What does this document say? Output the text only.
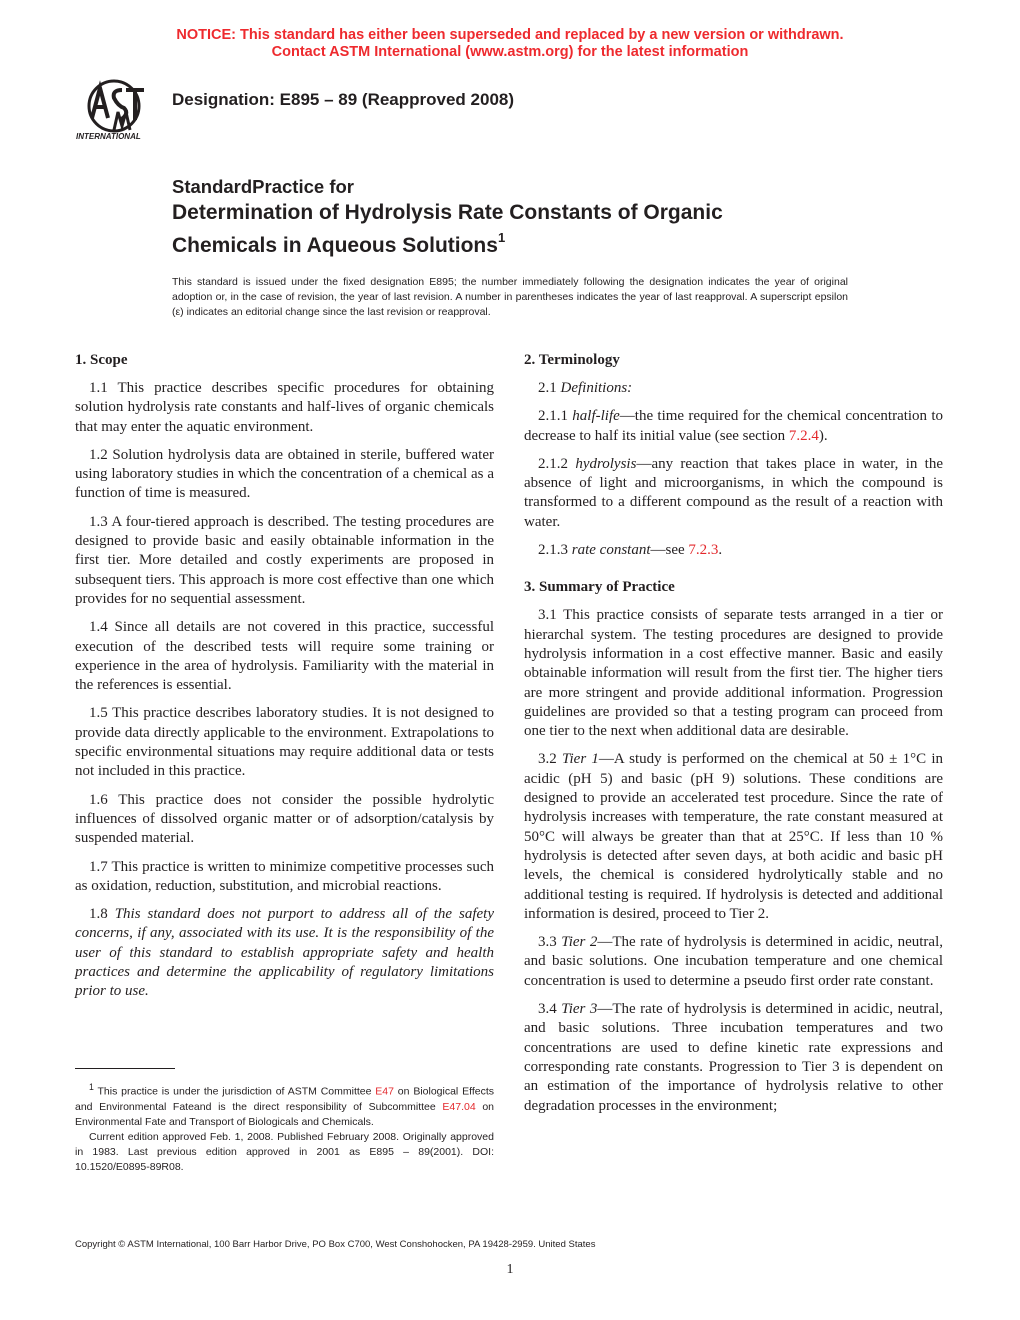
NOTICE: This standard has either been superseded and replaced by a new version or withdrawn.
Contact ASTM International (www.astm.org) for the latest information
INTERNATIONAL
Designation: E895 – 89 (Reapproved 2008)
StandardPractice for
Determination of Hydrolysis Rate Constants of Organic
Chemicals in Aqueous Solutions$^1$
This standard is issued under the fixed designation E895; the number immediately following the designation indicates the year of original adoption or, in the case of revision, the year of last revision. A number in parentheses indicates the year of last reapproval. A superscript epsilon (ε) indicates an editorial change since the last revision or reapproval.
1. Scope

1.1 This practice describes specific procedures for obtaining solution hydrolysis rate constants and half-lives of organic chemicals that may enter the aquatic environment.

1.2 Solution hydrolysis data are obtained in sterile, buffered water using laboratory studies in which the concentration of a chemical as a function of time is measured.

1.3 A four-tiered approach is described. The testing procedures are designed to provide basic and easily obtainable information in the first tier. More detailed and costly experiments are proposed in subsequent tiers. This approach is more cost effective than one which provides for no sequential assessment.

1.4 Since all details are not covered in this practice, successful execution of the described tests will require some training or experience in the area of hydrolysis. Familiarity with the material in the references is essential.

1.5 This practice describes laboratory studies. It is not designed to provide data directly applicable to the environment. Extrapolations to specific environmental situations may require additional data or tests not included in this practice.

1.6 This practice does not consider the possible hydrolytic influences of dissolved organic matter or of adsorption/catalysis by suspended material.

1.7 This practice is written to minimize competitive processes such as oxidation, reduction, substitution, and microbial reactions.

1.8 This standard does not purport to address all of the safety concerns, if any, associated with its use. It is the responsibility of the user of this standard to establish appropriate safety and health practices and determine the applicability of regulatory limitations prior to use.

2. Terminology

2.1 Definitions:

2.1.1 half-life—the time required for the chemical concentration to decrease to half its initial value (see section 7.2.4).

2.1.2 hydrolysis—any reaction that takes place in water, in the absence of light and microorganisms, in which the compound is transformed to a different compound as the result of a reaction with water.

2.1.3 rate constant—see 7.2.3.

3. Summary of Practice

3.1 This practice consists of separate tests arranged in a tier or hierarchal system. The testing procedures are designed to provide hydrolysis information in a cost effective manner. Basic and easily obtainable information will result from the first tier. The higher tiers are more stringent and provide additional information. Progression guidelines are provided so that a testing program can proceed from one tier to the next when additional data are desirable.

3.2 Tier 1—A study is performed on the chemical at 50 ± 1°C in acidic (pH 5) and basic (pH 9) solutions. These conditions are designed to provide an accelerated test procedure. Since the rate of hydrolysis increases with temperature, the rate constant measured at 50°C will always be greater than that at 25°C. If less than 10 % hydrolysis is detected after seven days, at both acidic and basic pH levels, the chemical is considered hydrolytically stable and no additional testing is required. If hydrolysis is detected and additional information is desired, proceed to Tier 2.

3.3 Tier 2—The rate of hydrolysis is determined in acidic, neutral, and basic solutions. One incubation temperature and one chemical concentration is used to determine a pseudo first order rate constant.

3.4 Tier 3—The rate of hydrolysis is determined in acidic, neutral, and basic solutions. Three incubation temperatures and two concentrations are used to define kinetic rate expressions and corresponding rate constants. Progression to Tier 3 is dependent on an estimation of the importance of hydrolysis relative to other degradation processes in the environment;

$^1$ This practice is under the jurisdiction of ASTM Committee E47 on Biological Effects and Environmental Fateand is the direct responsibility of Subcommittee E47.04 on Environmental Fate and Transport of Biologicals and Chemicals.
Current edition approved Feb. 1, 2008. Published February 2008. Originally approved in 1983. Last previous edition approved in 2001 as E895 – 89(2001). DOI: 10.1520/E0895-89R08.
Copyright © ASTM International, 100 Barr Harbor Drive, PO Box C700, West Conshohocken, PA 19428-2959. United States
1
